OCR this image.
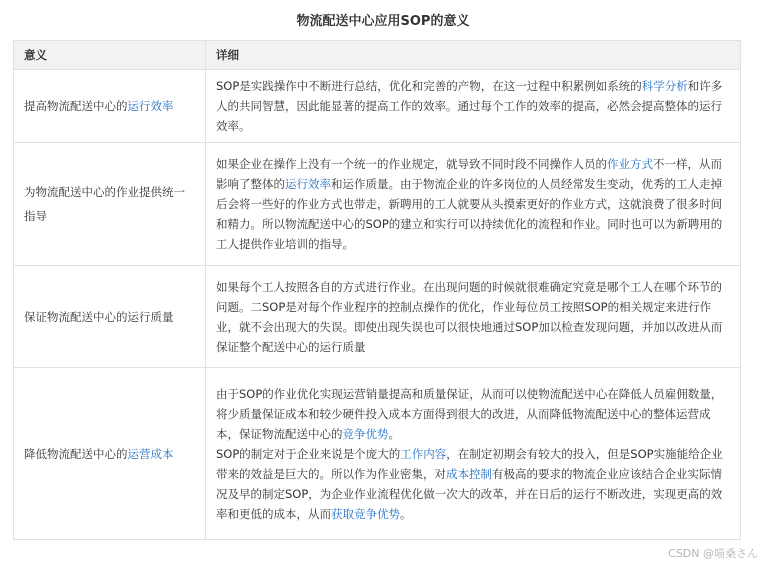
物流配送中心应用SOP的意义
意义	详细
提高物流配送中心的运行效率	SOP是实践操作中不断进行总结，优化和完善的产物，在这一过程中积累例如系统的科学分析和许多人的共同智慧，因此能显著的提高工作的效率。通过每个工作的效率的提高，必然会提高整体的运行效率。
为物流配送中心的作业提供统一指导	如果企业在操作上没有一个统一的作业规定，就导致不同时段不同操作人员的作业方式不一样，从而影响了整体的运行效率和运作质量。由于物流企业的许多岗位的人员经常发生变动，优秀的工人走掉后会将一些好的作业方式也带走，新聘用的工人就要从头摸索更好的作业方式，这就浪费了很多时间和精力。所以物流配送中心的SOP的建立和实行可以持续优化的流程和作业。同时也可以为新聘用的工人提供作业培训的指导。
保证物流配送中心的运行质量	如果每个工人按照各自的方式进行作业。在出现问题的时候就很难确定究竟是哪个工人在哪个环节的问题。二SOP是对每个作业程序的控制点操作的优化，作业每位员工按照SOP的相关规定来进行作业，就不会出现大的失误。即使出现失误也可以很快地通过SOP加以检查发现问题，并加以改进从而保证整个配送中心的运行质量
降低物流配送中心的运营成本	由于SOP的作业优化实现运营销量提高和质量保证，从而可以使物流配送中心在降低人员雇佣数量，将少质量保证成本和较少硬件投入成本方面得到很大的改进，从而降低物流配送中心的整体运营成本，保证物流配送中心的竞争优势。
SOP的制定对于企业来说是个庞大的工作内容，在制定初期会有较大的投入，但是SOP实施能给企业带来的效益是巨大的。所以作为作业密集，对成本控制有极高的要求的物流企业应该结合企业实际情况及早的制定SOP，为企业作业流程优化做一次大的改革，并在日后的运行不断改进，实现更高的效率和更低的成本，从而获取竞争优势。
CSDN @喵桑さん
